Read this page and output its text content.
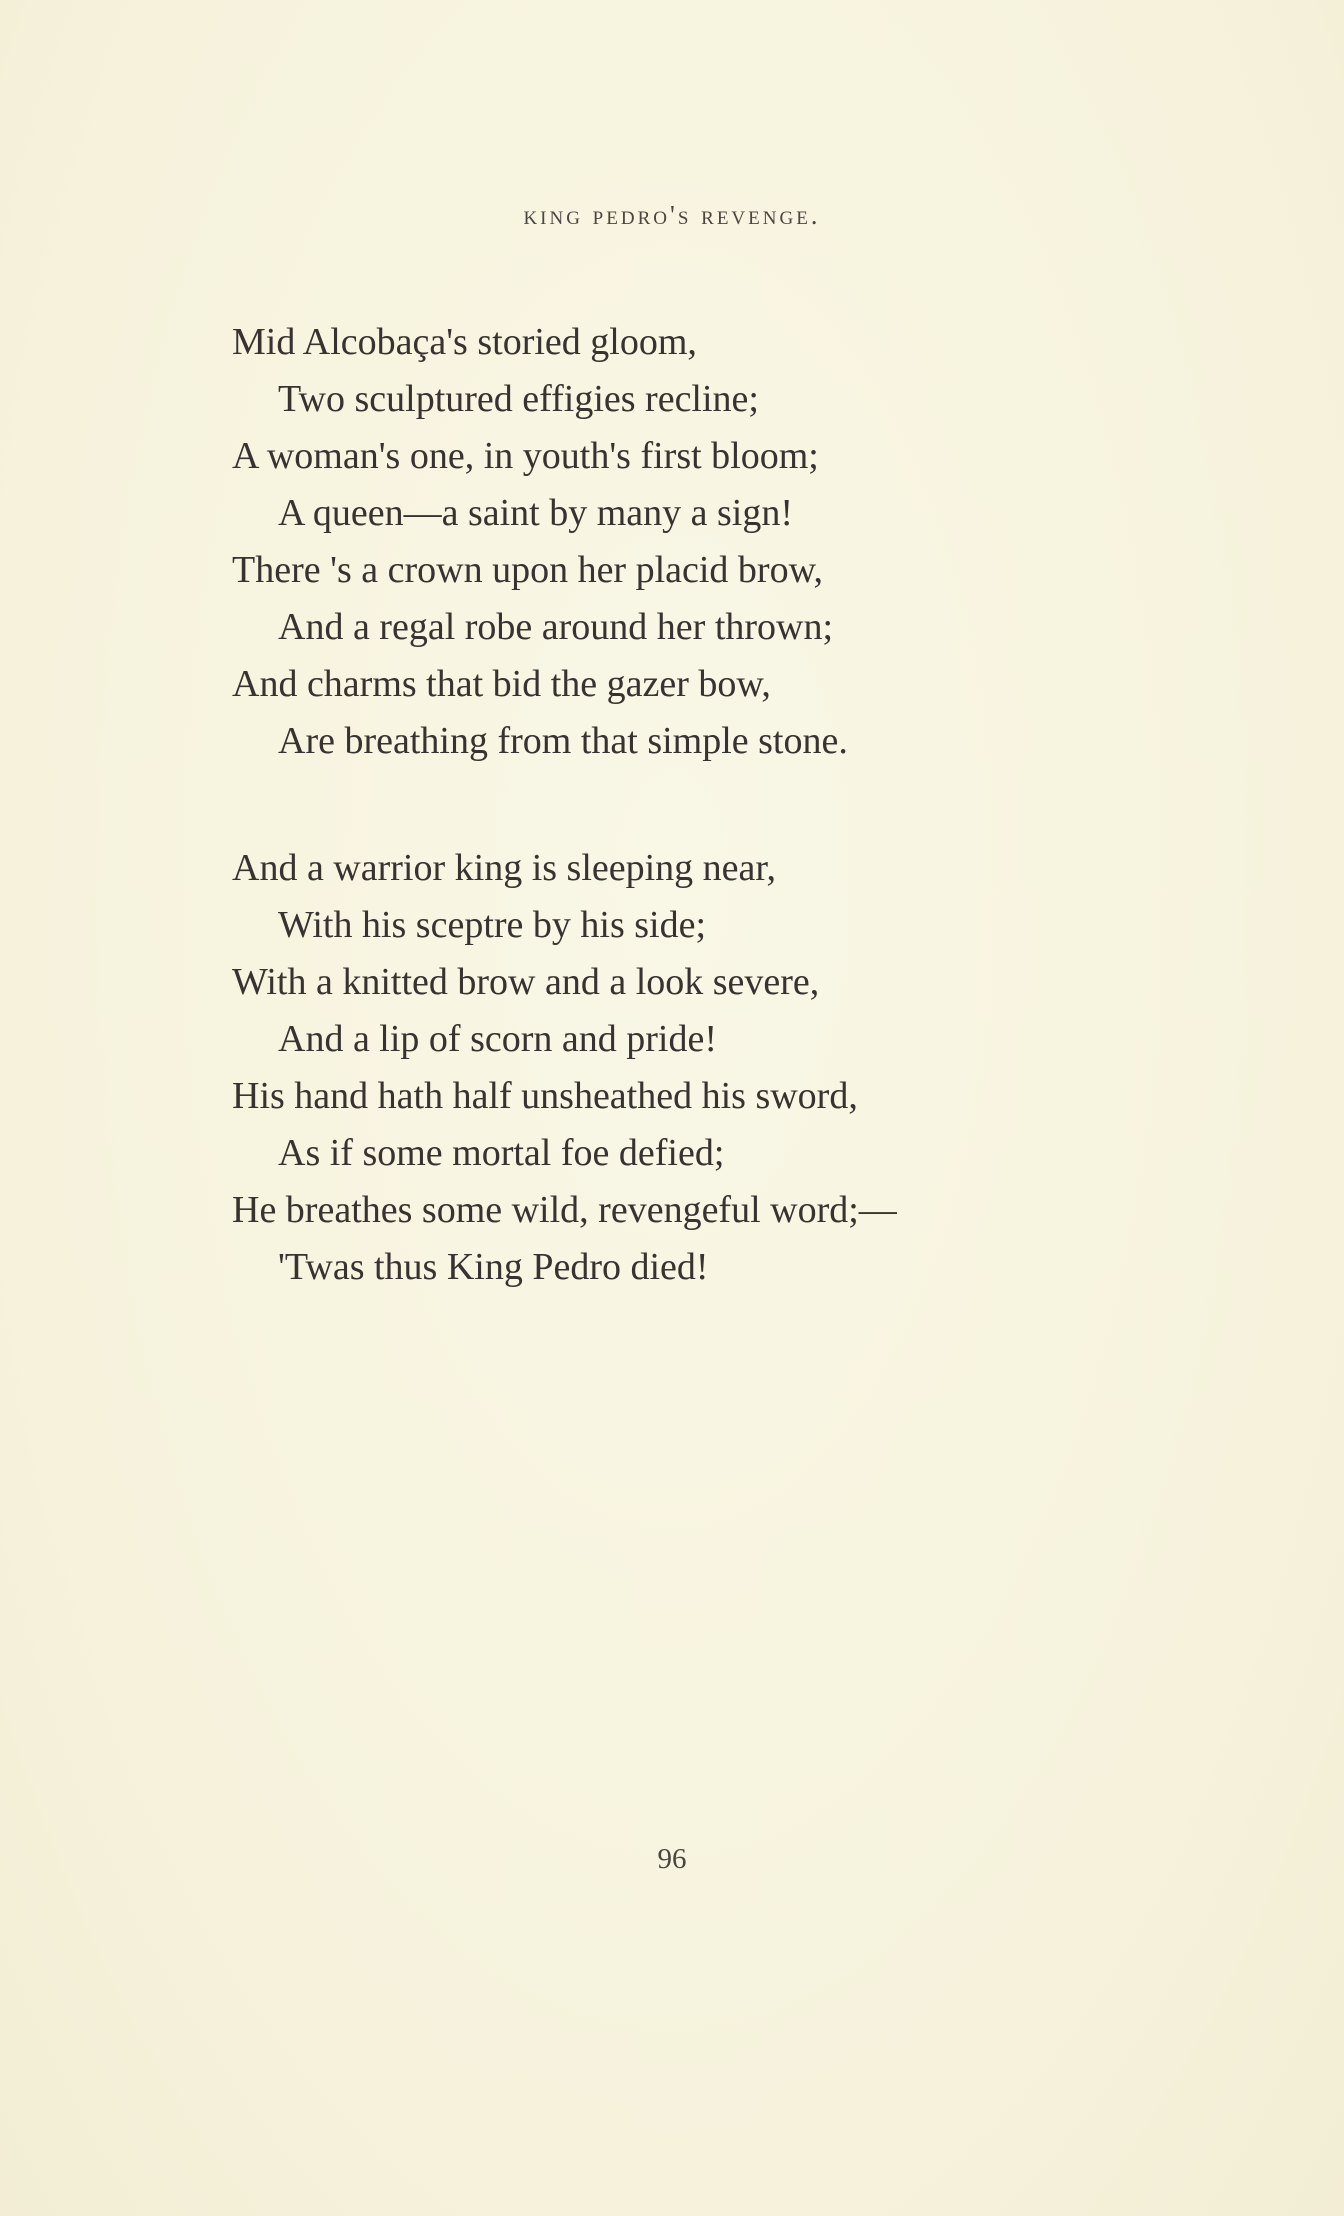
king pedro's revenge.
Mid Alcobaça's storied gloom,
Two sculptured effigies recline;
A woman's one, in youth's first bloom;
A queen—a saint by many a sign!
There 's a crown upon her placid brow,
And a regal robe around her thrown;
And charms that bid the gazer bow,
Are breathing from that simple stone.
And a warrior king is sleeping near,
With his sceptre by his side;
With a knitted brow and a look severe,
And a lip of scorn and pride!
His hand hath half unsheathed his sword,
As if some mortal foe defied;
He breathes some wild, revengeful word;—
'Twas thus King Pedro died!
96
